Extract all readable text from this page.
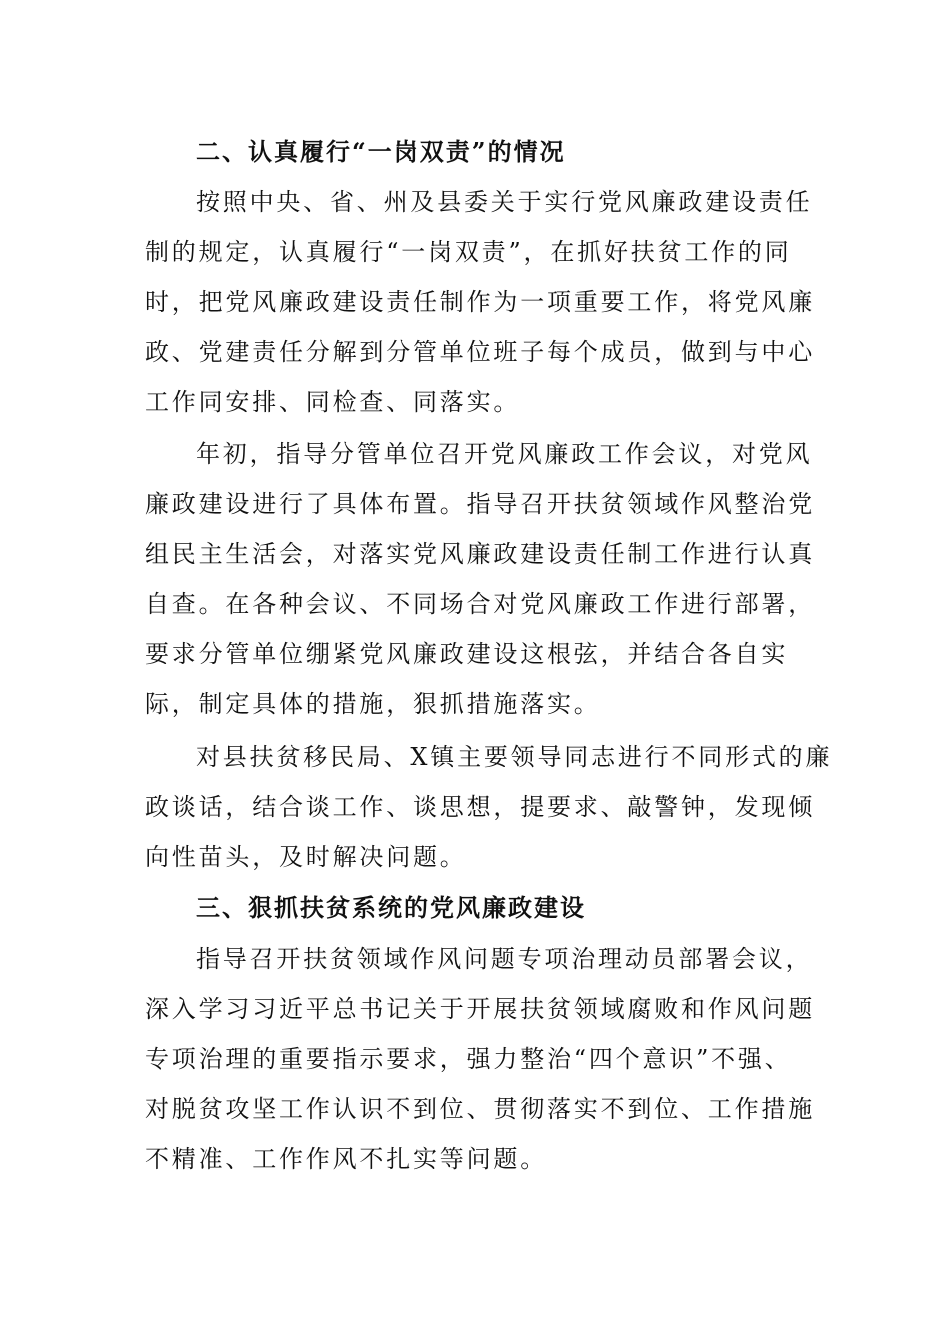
二、认真履行“一岗双责”的情况
按照中央、省、州及县委关于实行党风廉政建设责任
制的规定，认真履行“一岗双责”，在抓好扶贫工作的同
时，把党风廉政建设责任制作为一项重要工作，将党风廉
政、党建责任分解到分管单位班子每个成员，做到与中心
工作同安排、同检查、同落实。
年初，指导分管单位召开党风廉政工作会议，对党风
廉政建设进行了具体布置。指导召开扶贫领域作风整治党
组民主生活会，对落实党风廉政建设责任制工作进行认真
自查。在各种会议、不同场合对党风廉政工作进行部署，
要求分管单位绷紧党风廉政建设这根弦，并结合各自实
际，制定具体的措施，狠抓措施落实。
对县扶贫移民局、X镇主要领导同志进行不同形式的廉
政谈话，结合谈工作、谈思想，提要求、敲警钟，发现倾
向性苗头，及时解决问题。
三、狠抓扶贫系统的党风廉政建设
指导召开扶贫领域作风问题专项治理动员部署会议，
深入学习习近平总书记关于开展扶贫领域腐败和作风问题
专项治理的重要指示要求，强力整治“四个意识”不强、
对脱贫攻坚工作认识不到位、贯彻落实不到位、工作措施
不精准、工作作风不扎实等问题。
